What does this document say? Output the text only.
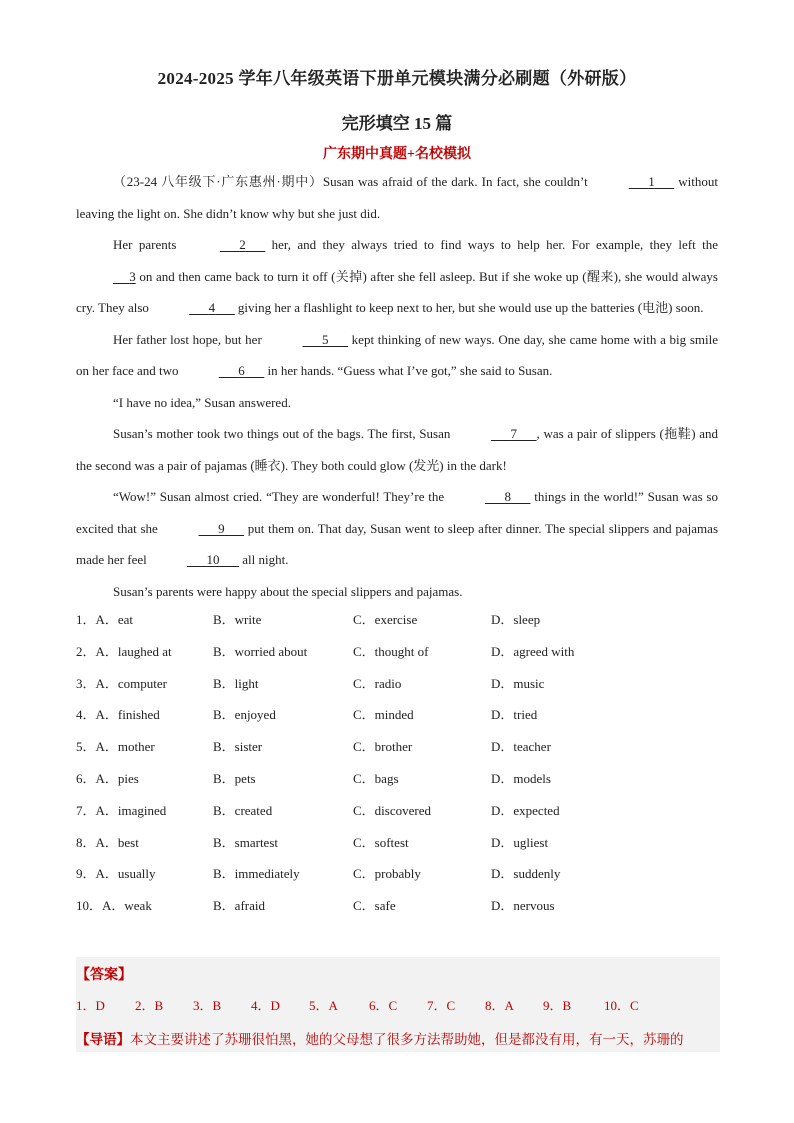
2024-2025 学年八年级英语下册单元模块满分必刷题（外研版）
完形填空 15 篇
广东期中真题+名校模拟

（23-24 八年级下·广东惠州·期中）Susan was afraid of the dark. In fact, she couldn’t	1       without leaving the light on. She didn’t know why but she just did.

Her parents	2       her, and they always tried to find ways to help her. For example, they left the      3 on and then came back to turn it off (关掉) after she fell asleep. But if she woke up (醒来), she would always cry. They also	4       giving her a flashlight to keep next to her, but she would use up the batteries (电池) soon.

Her father lost hope, but her	5       kept thinking of new ways. One day, she came home with a big smile on her face and two	6       in her hands. “Guess what I’ve got,” she said to Susan.

“I have no idea,” Susan answered.

Susan’s mother took two things out of the bags. The first, Susan	7 , was a pair of slippers (拖鞋) and the second was a pair of pajamas (睡衣). They both could glow (发光) in the dark!

“Wow!” Susan almost cried. “They are wonderful! They’re the	8       things in the world!” Susan was so excited that she	9       put them on. That day, Susan went to sleep after dinner. The special slippers and pajamas made her feel	10       all night.

Susan’s parents were happy about the special slippers and pajamas.

1．A．eat	B．write	C．exercise	D．sleep
2．A．laughed at	B．worried about	C．thought of	D．agreed with
3．A．computer	B．light	C．radio	D．music
4．A．finished	B．enjoyed	C．minded	D．tried
5．A．mother	B．sister	C．brother	D．teacher
6．A．pies	B．pets	C．bags	D．models
7．A．imagined	B．created	C．discovered	D．expected
8．A．best	B．smartest	C．softest	D．ugliest
9．A．usually	B．immediately	C．probably	D．suddenly
10．A．weak	B．afraid	C．safe	D．nervous
【答案】
1．D 2．B 3．B 4．D 5．A 6．C 7．C 8．A 9．B	10．C
【导语】本文主要讲述了苏珊很怕黑，她的父母想了很多方法帮助她，但是都没有用，有一天，苏珊的
